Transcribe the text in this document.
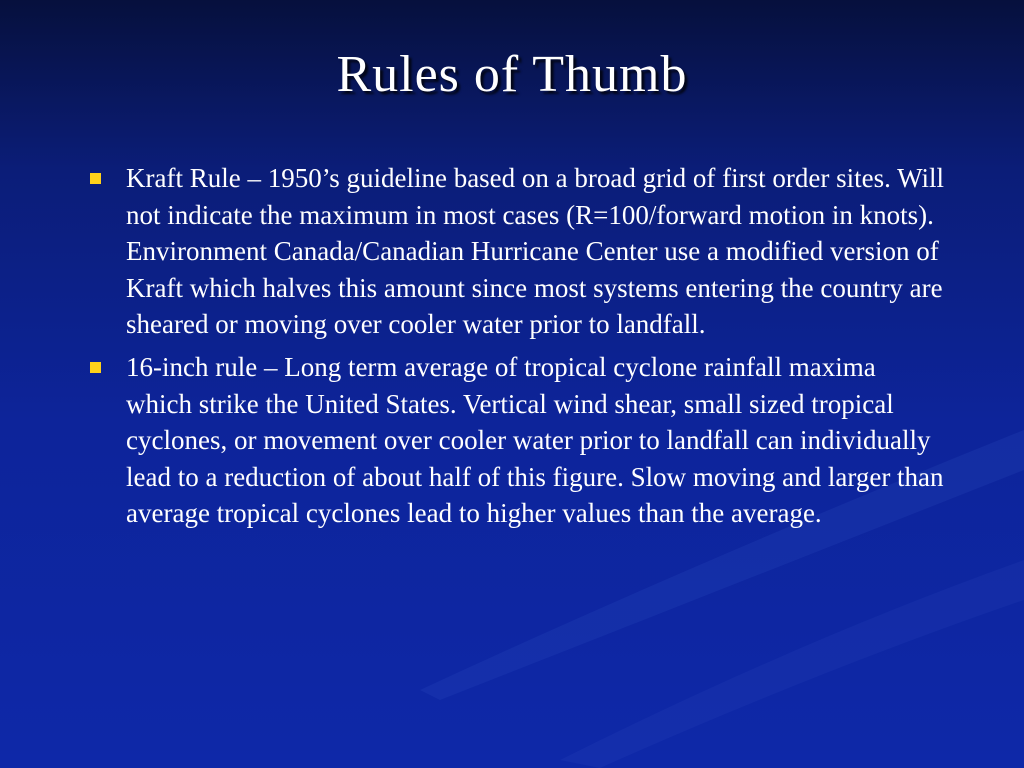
Rules of Thumb
Kraft Rule – 1950’s guideline based on a broad grid of first order sites. Will not indicate the maximum in most cases (R=100/forward motion in knots). Environment Canada/Canadian Hurricane Center use a modified version of Kraft which halves this amount since most systems entering the country are sheared or moving over cooler water prior to landfall.
16-inch rule – Long term average of tropical cyclone rainfall maxima which strike the United States. Vertical wind shear, small sized tropical cyclones, or movement over cooler water prior to landfall can individually lead to a reduction of about half of this figure. Slow moving and larger than average tropical cyclones lead to higher values than the average.
